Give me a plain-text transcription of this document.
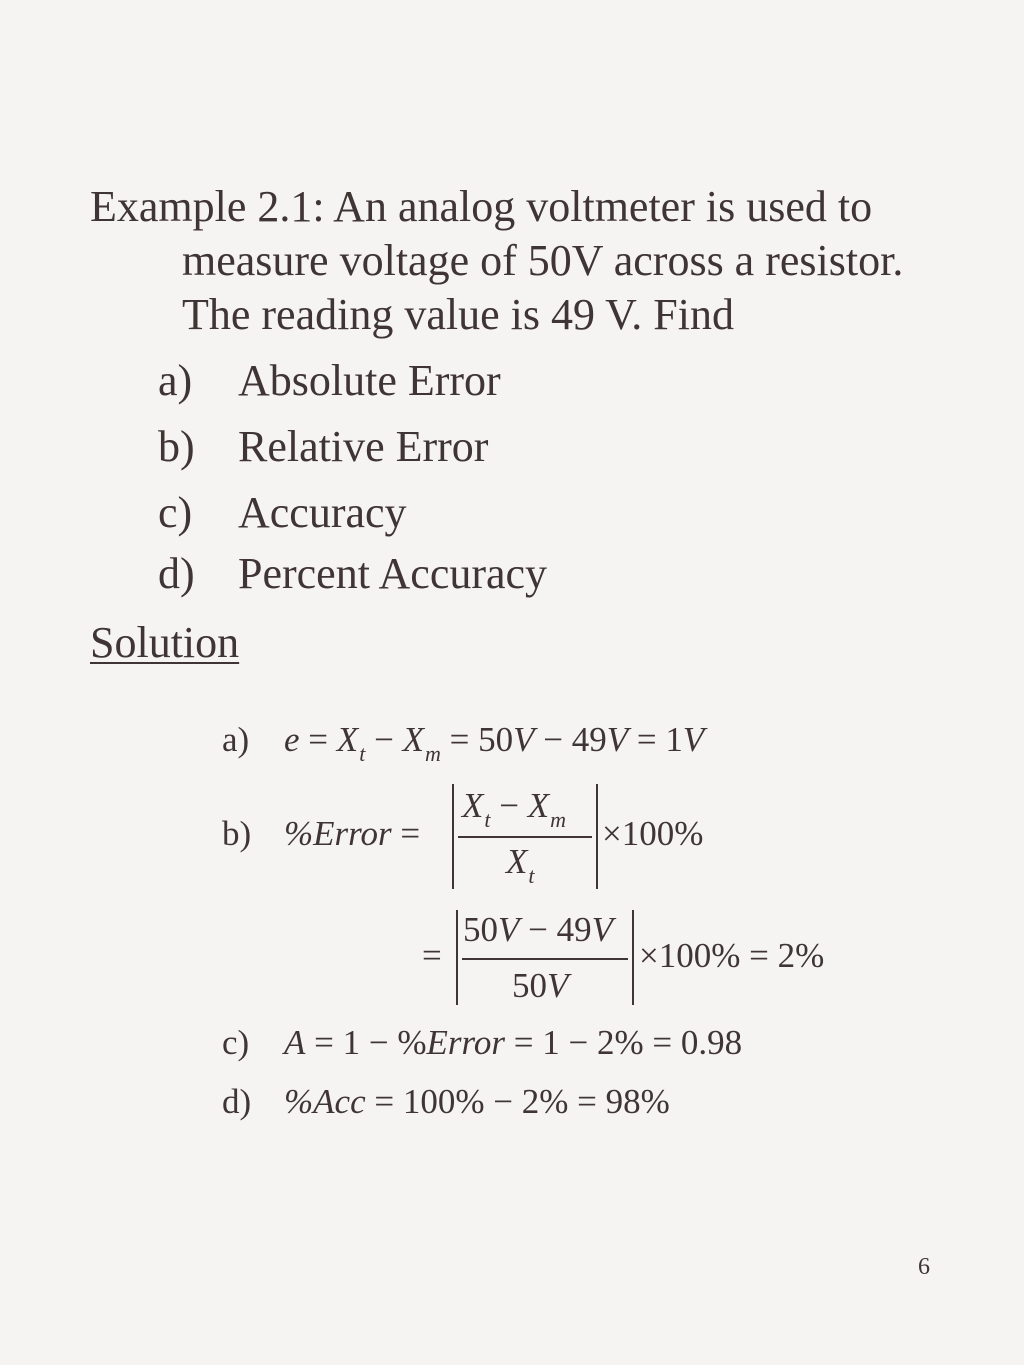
Example 2.1: An analog voltmeter is used to
measure voltage of 50V across a resistor.
The reading value is 49 V. Find
a) Absolute Error
b) Relative Error
c) Accuracy
d) Percent Accuracy
Solution
a) $e = X_t - X_m = 50V - 49V = 1V$
b) %Error =
$X_t - X_m$
$X_t$
×100%
=
50V − 49V
50V
×100% = 2%
c) A = 1 − %Error = 1 − 2% = 0.98
d) %Acc = 100% − 2% = 98%
6
